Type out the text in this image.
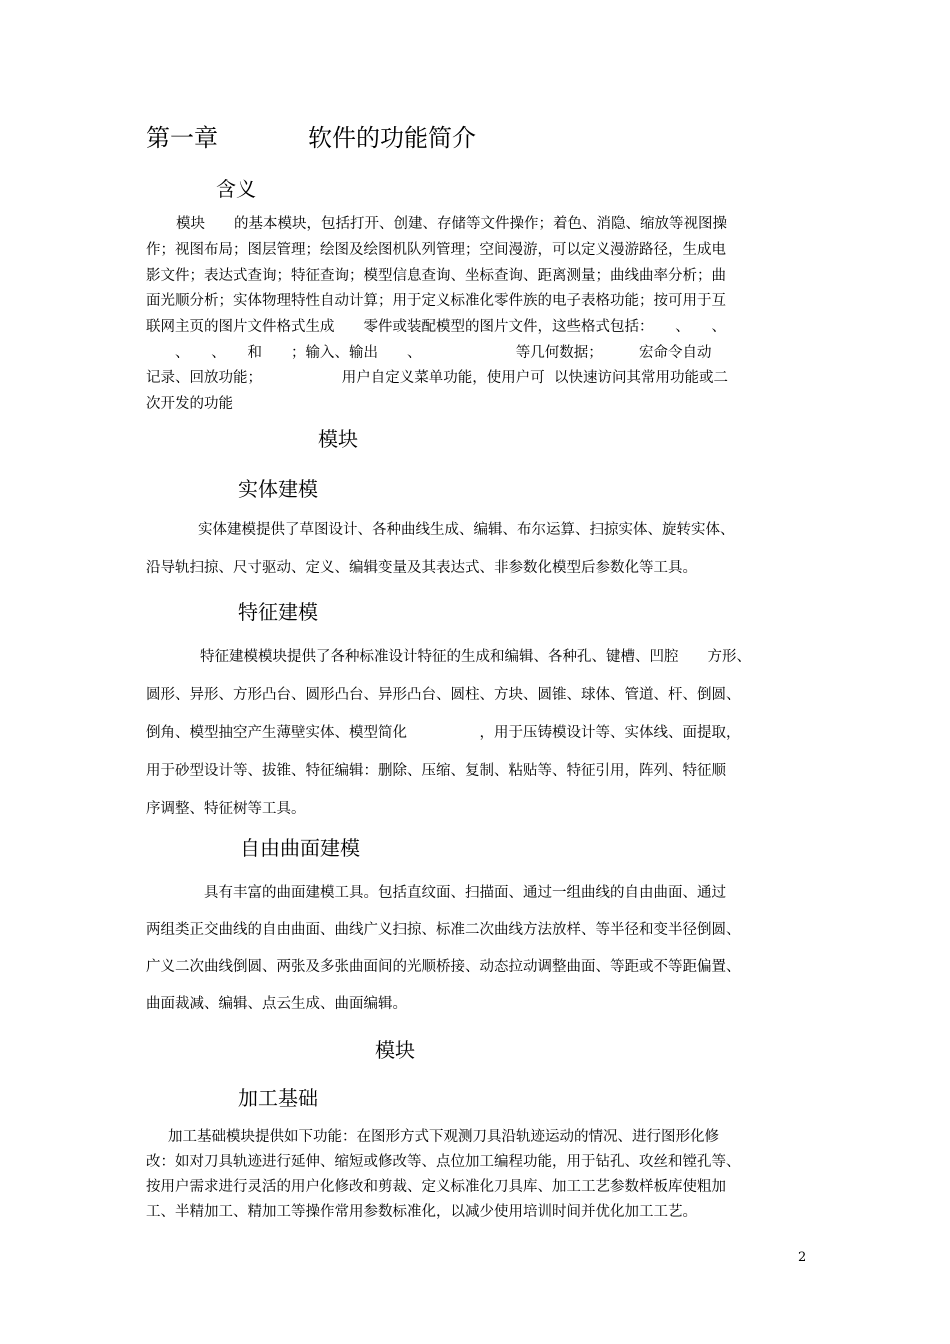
第一章	软件的功能简介
含义
模块　　的基本模块，包括打开、创建、存储等文件操作；着色、消隐、缩放等视图操
作；视图布局；图层管理；绘图及绘图机队列管理；空间漫游，可以定义漫游路径，生成电
影文件；表达式查询；特征查询；模型信息查询、坐标查询、距离测量；曲线曲率分析；曲
面光顺分析；实体物理特性自动计算；用于定义标准化零件族的电子表格功能；按可用于互
联网主页的图片文件格式生成　　零件或装配模型的图片文件，这些格式包括：　　、　　、
　　、　　、　　和　　；输入、输出　　、　　　　　　　等几何数据；　　　宏命令自动
记录、回放功能；　　　　　　用户自定义菜单功能，使用户可  以快速访问其常用功能或二
次开发的功能
模块
实体建模
实体建模提供了草图设计、各种曲线生成、编辑、布尔运算、扫掠实体、旋转实体、
沿导轨扫掠、尺寸驱动、定义、编辑变量及其表达式、非参数化模型后参数化等工具。
特征建模
特征建模模块提供了各种标准设计特征的生成和编辑、各种孔、键槽、凹腔　　方形、
圆形、异形、方形凸台、圆形凸台、异形凸台、圆柱、方块、圆锥、球体、管道、杆、倒圆、
倒角、模型抽空产生薄壁实体、模型简化　　　　　，用于压铸模设计等、实体线、面提取，
用于砂型设计等、拔锥、特征编辑：删除、压缩、复制、粘贴等、特征引用，阵列、特征顺
序调整、特征树等工具。
自由曲面建模
具有丰富的曲面建模工具。包括直纹面、扫描面、通过一组曲线的自由曲面、通过
两组类正交曲线的自由曲面、曲线广义扫掠、标准二次曲线方法放样、等半径和变半径倒圆、
广义二次曲线倒圆、两张及多张曲面间的光顺桥接、动态拉动调整曲面、等距或不等距偏置、
曲面裁减、编辑、点云生成、曲面编辑。
模块
加工基础
加工基础模块提供如下功能：在图形方式下观测刀具沿轨迹运动的情况、进行图形化修
改：如对刀具轨迹进行延伸、缩短或修改等、点位加工编程功能，用于钻孔、攻丝和镗孔等、
按用户需求进行灵活的用户化修改和剪裁、定义标准化刀具库、加工工艺参数样板库使粗加
工、半精加工、精加工等操作常用参数标准化，以减少使用培训时间并优化加工工艺。
2
